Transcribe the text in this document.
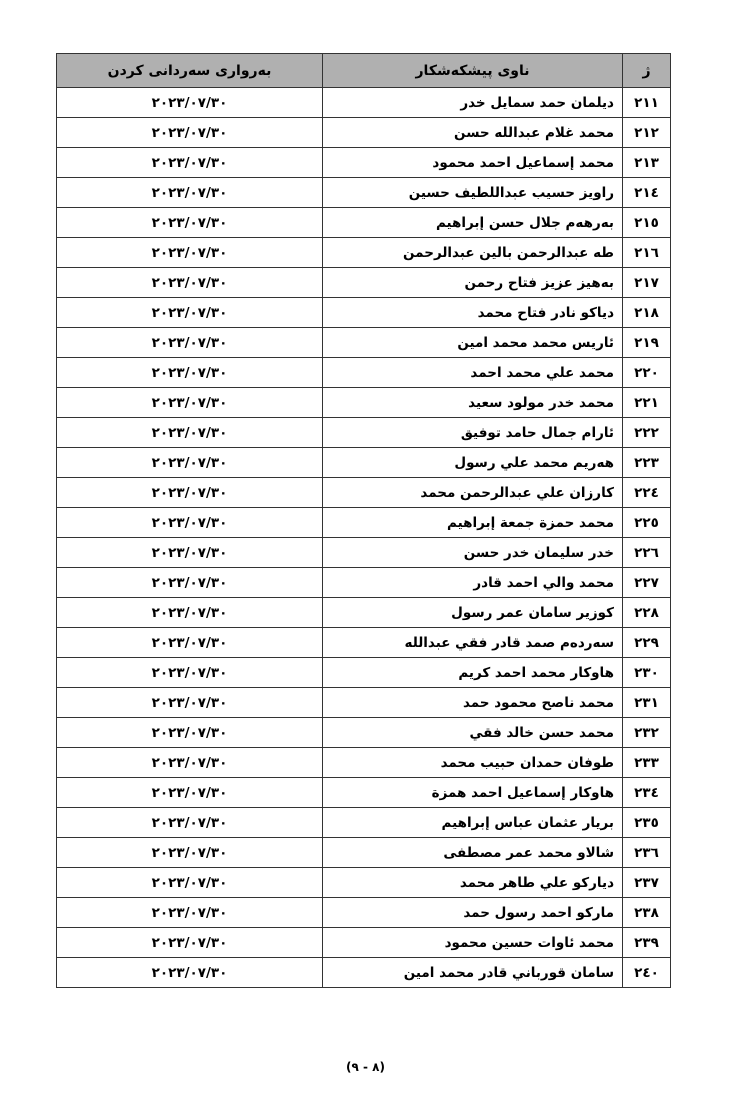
ژ	ناوی پیشکەشکار	بەرواری سەردانی کردن
٢١١	ديلمان حمد سمايل خدر	٢٠٢٣/٠٧/٣٠
٢١٢	محمد غلام عبدالله حسن	٢٠٢٣/٠٧/٣٠
٢١٣	محمد إسماعيل احمد محمود	٢٠٢٣/٠٧/٣٠
٢١٤	راويز حسيب عبداللطيف حسين	٢٠٢٣/٠٧/٣٠
٢١٥	بەرهەم جلال حسن إبراهيم	٢٠٢٣/٠٧/٣٠
٢١٦	طه عبدالرحمن بالين عبدالرحمن	٢٠٢٣/٠٧/٣٠
٢١٧	بەهيز عزيز فتاح رحمن	٢٠٢٣/٠٧/٣٠
٢١٨	دياكو نادر فتاح محمد	٢٠٢٣/٠٧/٣٠
٢١٩	ئاريس محمد محمد امين	٢٠٢٣/٠٧/٣٠
٢٢٠	محمد علي محمد احمد	٢٠٢٣/٠٧/٣٠
٢٢١	محمد خدر مولود سعيد	٢٠٢٣/٠٧/٣٠
٢٢٢	ئارام جمال حامد توفيق	٢٠٢٣/٠٧/٣٠
٢٢٣	هەريم محمد علي رسول	٢٠٢٣/٠٧/٣٠
٢٢٤	كارزان علي عبدالرحمن محمد	٢٠٢٣/٠٧/٣٠
٢٢٥	محمد حمزة جمعة إبراهيم	٢٠٢٣/٠٧/٣٠
٢٢٦	خدر سليمان خدر حسن	٢٠٢٣/٠٧/٣٠
٢٢٧	محمد والي احمد قادر	٢٠٢٣/٠٧/٣٠
٢٢٨	كوزير سامان عمر رسول	٢٠٢٣/٠٧/٣٠
٢٢٩	سەردەم صمد قادر فقي عبدالله	٢٠٢٣/٠٧/٣٠
٢٣٠	هاوكار محمد احمد كريم	٢٠٢٣/٠٧/٣٠
٢٣١	محمد ناصح محمود حمد	٢٠٢٣/٠٧/٣٠
٢٣٢	محمد حسن خالد فقي	٢٠٢٣/٠٧/٣٠
٢٣٣	طوفان حمدان حبيب محمد	٢٠٢٣/٠٧/٣٠
٢٣٤	هاوكار إسماعيل احمد همزة	٢٠٢٣/٠٧/٣٠
٢٣٥	بريار عثمان عباس إبراهيم	٢٠٢٣/٠٧/٣٠
٢٣٦	شالاو محمد عمر مصطفى	٢٠٢٣/٠٧/٣٠
٢٣٧	دياركو علي طاهر محمد	٢٠٢٣/٠٧/٣٠
٢٣٨	ماركو احمد رسول حمد	٢٠٢٣/٠٧/٣٠
٢٣٩	محمد ئاوات حسين محمود	٢٠٢٣/٠٧/٣٠
٢٤٠	سامان قورباني قادر محمد امين	٢٠٢٣/٠٧/٣٠
(٨ - ٩)
